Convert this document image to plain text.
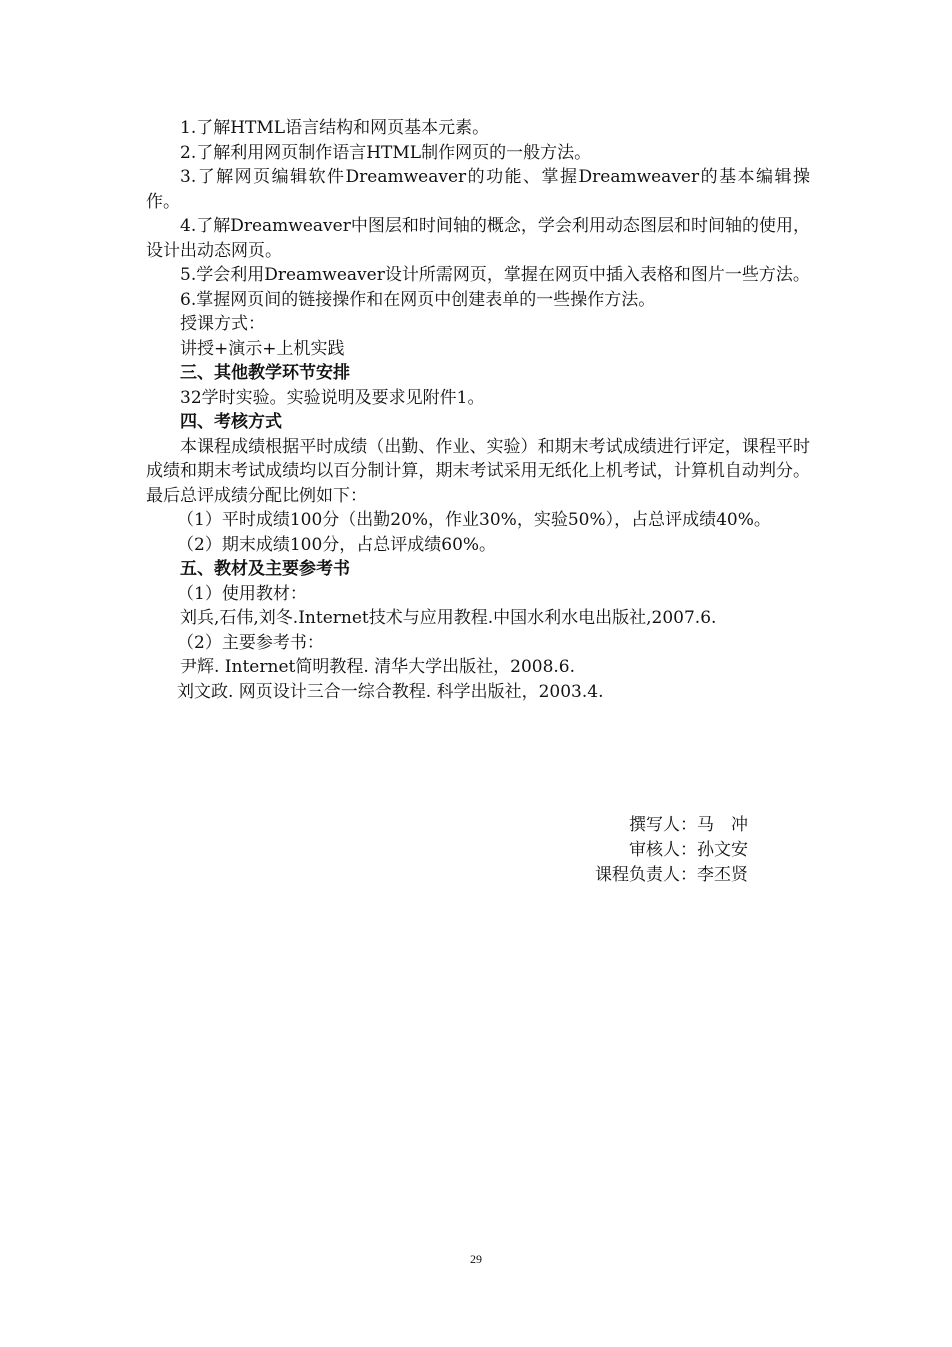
1.了解HTML语言结构和网页基本元素。
2.了解利用网页制作语言HTML制作网页的一般方法。
3.了解网页编辑软件Dreamweaver的功能、掌握Dreamweaver的基本编辑操作。
4.了解Dreamweaver中图层和时间轴的概念，学会利用动态图层和时间轴的使用，设计出动态网页。
5.学会利用Dreamweaver设计所需网页，掌握在网页中插入表格和图片一些方法。
6.掌握网页间的链接操作和在网页中创建表单的一些操作方法。
授课方式：
讲授+演示+上机实践
三、其他教学环节安排
32学时实验。实验说明及要求见附件1。
四、考核方式
本课程成绩根据平时成绩（出勤、作业、实验）和期末考试成绩进行评定，课程平时成绩和期末考试成绩均以百分制计算，期末考试采用无纸化上机考试，计算机自动判分。最后总评成绩分配比例如下：
（1）平时成绩100分（出勤20%，作业30%，实验50%），占总评成绩40%。
（2）期末成绩100分，占总评成绩60%。
五、教材及主要参考书
（1）使用教材：
刘兵,石伟,刘冬.Internet技术与应用教程.中国水利水电出版社,2007.6.
（2）主要参考书：
尹辉. Internet简明教程. 清华大学出版社，2008.6.
刘文政. 网页设计三合一综合教程. 科学出版社，2003.4.
撰写人：马　冲
审核人：孙文安
课程负责人：李丕贤
29
